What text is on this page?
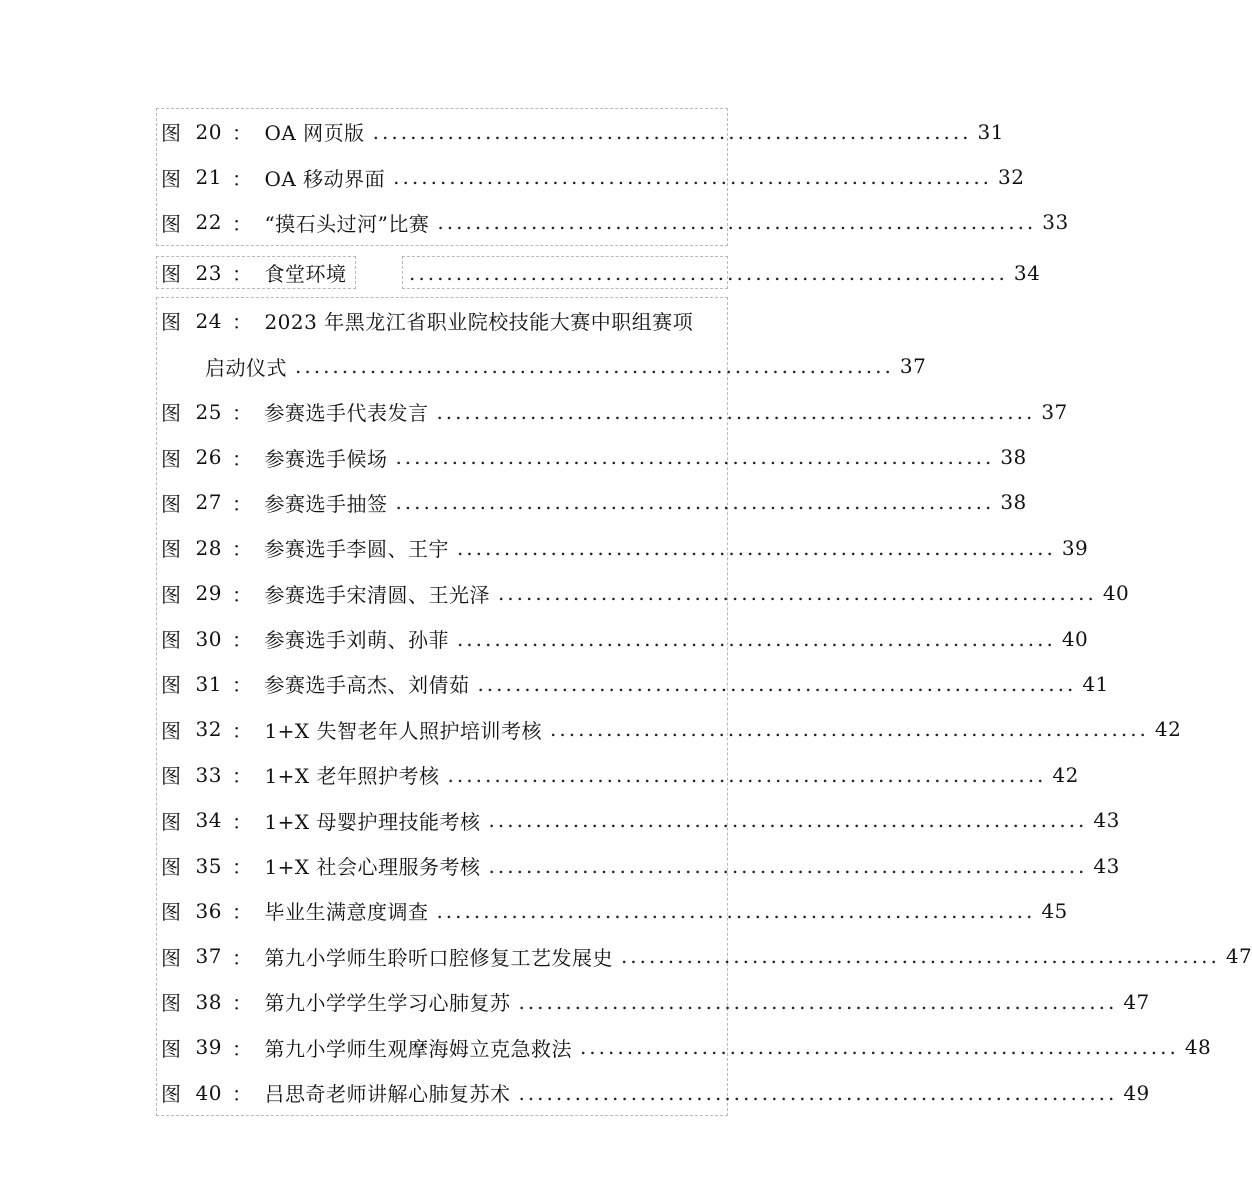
图 20 ： OA 网页版 ................................................................ 31
图 21 ： OA 移动界面 ................................................................ 32
图 22 ： “摸石头过河”比赛 ................................................................ 33
图 23 ： 食堂环境	................................................................ 34
图 24 ： 2023 年黑龙江省职业院校技能大赛中职组赛项
启动仪式 ................................................................ 37
图 25 ： 参赛选手代表发言 ................................................................ 37
图 26 ： 参赛选手候场 ................................................................ 38
图 27 ： 参赛选手抽签 ................................................................ 38
图 28 ： 参赛选手李圆、王宇 ................................................................ 39
图 29 ： 参赛选手宋清圆、王光泽 ................................................................ 40
图 30 ： 参赛选手刘萌、孙菲 ................................................................ 40
图 31 ： 参赛选手高杰、刘倩茹 ................................................................ 41
图 32 ： 1+X 失智老年人照护培训考核 ................................................................ 42
图 33 ： 1+X 老年照护考核 ................................................................ 42
图 34 ： 1+X 母婴护理技能考核 ................................................................ 43
图 35 ： 1+X 社会心理服务考核 ................................................................ 43
图 36 ： 毕业生满意度调查 ................................................................ 45
图 37 ： 第九小学师生聆听口腔修复工艺发展史 ................................................................ 47
图 38 ： 第九小学学生学习心肺复苏 ................................................................ 47
图 39 ： 第九小学师生观摩海姆立克急救法 ................................................................ 48
图 40 ： 吕思奇老师讲解心肺复苏术 ................................................................ 49
